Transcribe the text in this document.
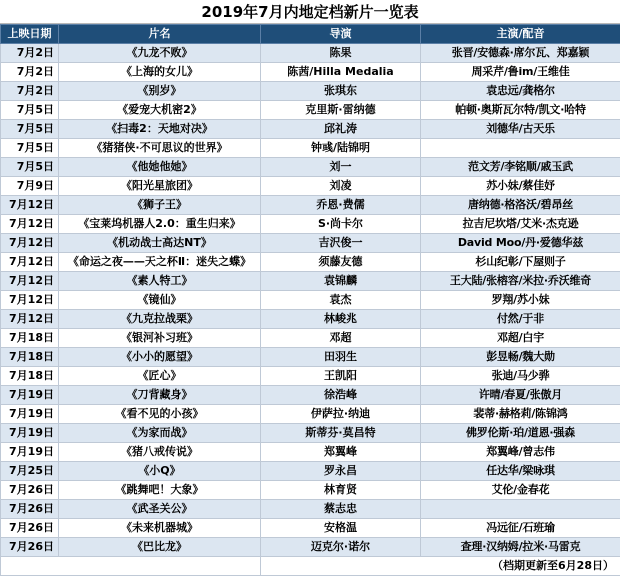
2019年7月内地定档新片一览表
上映日期	片名	导演	主演/配音
7月2日	《九龙不败》	陈果	张晋/安德森·席尔瓦、郑嘉颖
7月2日	《上海的女儿》	陈茜/Hilla Medalia	周采芹/鲁im/王维佳
7月2日	《别岁》	张琪东	袁忠远/龚格尔
7月5日	《爱宠大机密2》	克里斯·雷纳德	帕顿·奥斯瓦尔特/凯文·哈特
7月5日	《扫毒2：天地对决》	邱礼涛	刘德华/古天乐
7月5日	《猪猪侠·不可思议的世界》	钟彧/陆锦明	
7月5日	《他她他她》	刘一	范文芳/李铭顺/戚玉武
7月9日	《阳光星旅团》	刘凌	苏小妹/蔡佳妤
7月12日	《狮子王》	乔恩·费儒	唐纳德·格洛沃/碧昂丝
7月12日	《宝莱坞机器人2.0：重生归来》	S·尚卡尔	拉吉尼坎塔/艾米·杰克逊
7月12日	《机动战士高达NT》	吉沢俊一	David Moo/丹·爱德华兹
7月12日	《命运之夜——天之杯Ⅱ：迷失之蝶》	须藤友德	杉山纪彰/下屋则子
7月12日	《素人特工》	袁锦麟	王大陆/张榕容/米拉·乔沃维奇
7月12日	《镜仙》	袁杰	罗翔/苏小妹
7月12日	《九克拉战栗》	林峻兆	付然/于非
7月18日	《银河补习班》	邓超	邓超/白宇
7月18日	《小小的愿望》	田羽生	彭昱畅/魏大勋
7月18日	《匠心》	王凯阳	张迪/马少骅
7月19日	《刀背藏身》	徐浩峰	许晴/春夏/张傲月
7月19日	《看不见的小孩》	伊萨拉·纳迪	裴蒂·赫格莉/陈锦鸿
7月19日	《为家而战》	斯蒂芬·莫昌特	佛罗伦斯·珀/道恩·强森
7月19日	《猪八戒传说》	郑翼峰	郑翼峰/曾志伟
7月25日	《小Q》	罗永昌	任达华/梁咏琪
7月26日	《跳舞吧！大象》	林育贤	艾伦/金春花
7月26日	《武圣关公》	蔡志忠	
7月26日	《未来机器城》	安格温	冯远征/石班瑜
7月26日	《巴比龙》	迈克尔·诺尔	查理·汉纳姆/拉米·马雷克
		（档期更新至6月28日）	
